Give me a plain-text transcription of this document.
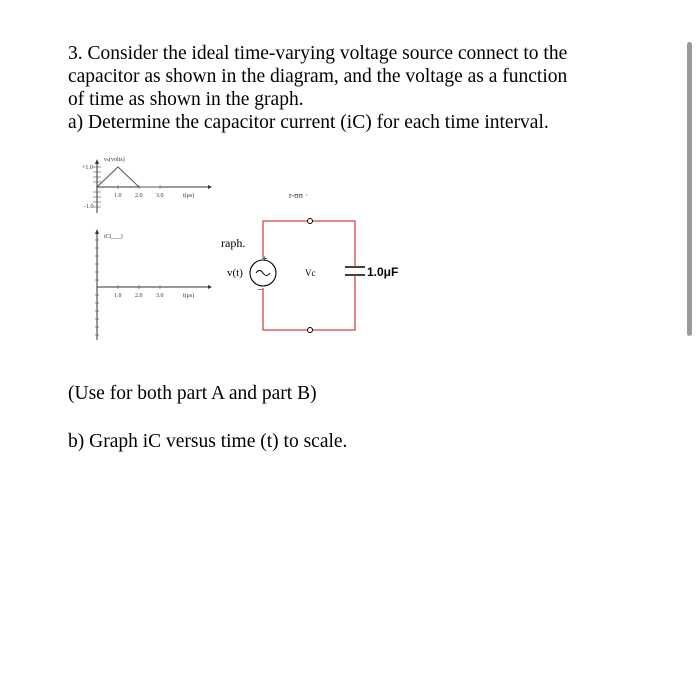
3. Consider the ideal time-varying voltage source connect to the
capacitor as shown in the diagram, and the voltage as a function
of time as shown in the graph.
a) Determine the capacitor current (iC) for each time interval.
vₛ(volts)
+1.0
-1.0
1.0 2.0 3.0	t(μs)
iC(___)
1.0 2.0 3.0	t(μs)
r-ʊʊ ·
raph.
+
−
v(t)	Vc	1.0μF
(Use for both part A and part B)
b) Graph iC versus time (t) to scale.
